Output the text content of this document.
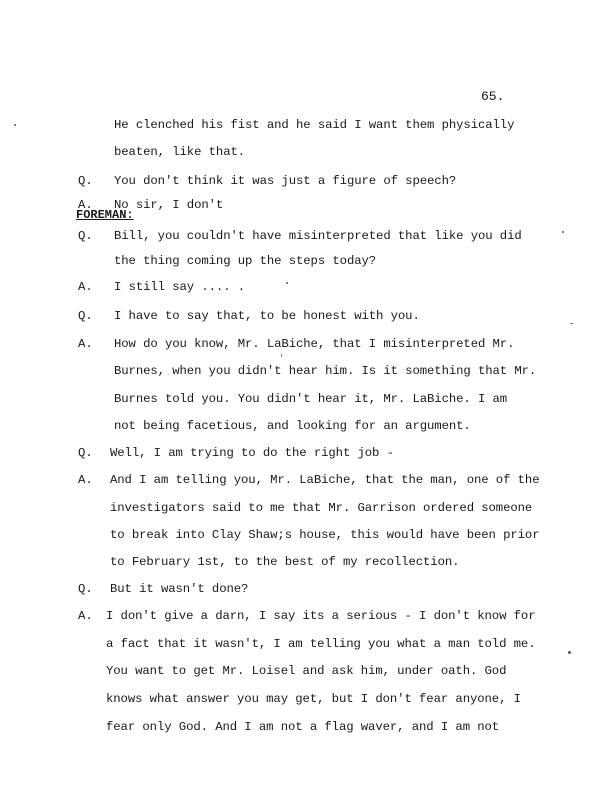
65.
He clenched his fist and he said I want them physically
beaten, like that.
Q. You don't think it was just a figure of speech?
A. No sir, I don't
FOREMAN:
Q. Bill, you couldn't have misinterpreted that like you did
the thing coming up the steps today?
A. I still say .... .
Q. I have to say that, to be honest with you.
A. How do you know, Mr. LaBiche, that I misinterpreted Mr.
Burnes, when you didn't hear him. Is it something that Mr.
Burnes told you. You didn't hear it, Mr. LaBiche. I am
not being facetious, and looking for an argument.
Q. Well, I am trying to do the right job -
A. And I am telling you, Mr. LaBiche, that the man, one of the
investigators said to me that Mr. Garrison ordered someone
to break into Clay Shaw;s house, this would have been prior
to February 1st, to the best of my recollection.
Q. But it wasn't done?
A. I don't give a darn, I say its a serious - I don't know for
a fact that it wasn't, I am telling you what a man told me.
You want to get Mr. Loisel and ask him, under oath. God
knows what answer you may get, but I don't fear anyone, I
fear only God. And I am not a flag waver, and I am not
